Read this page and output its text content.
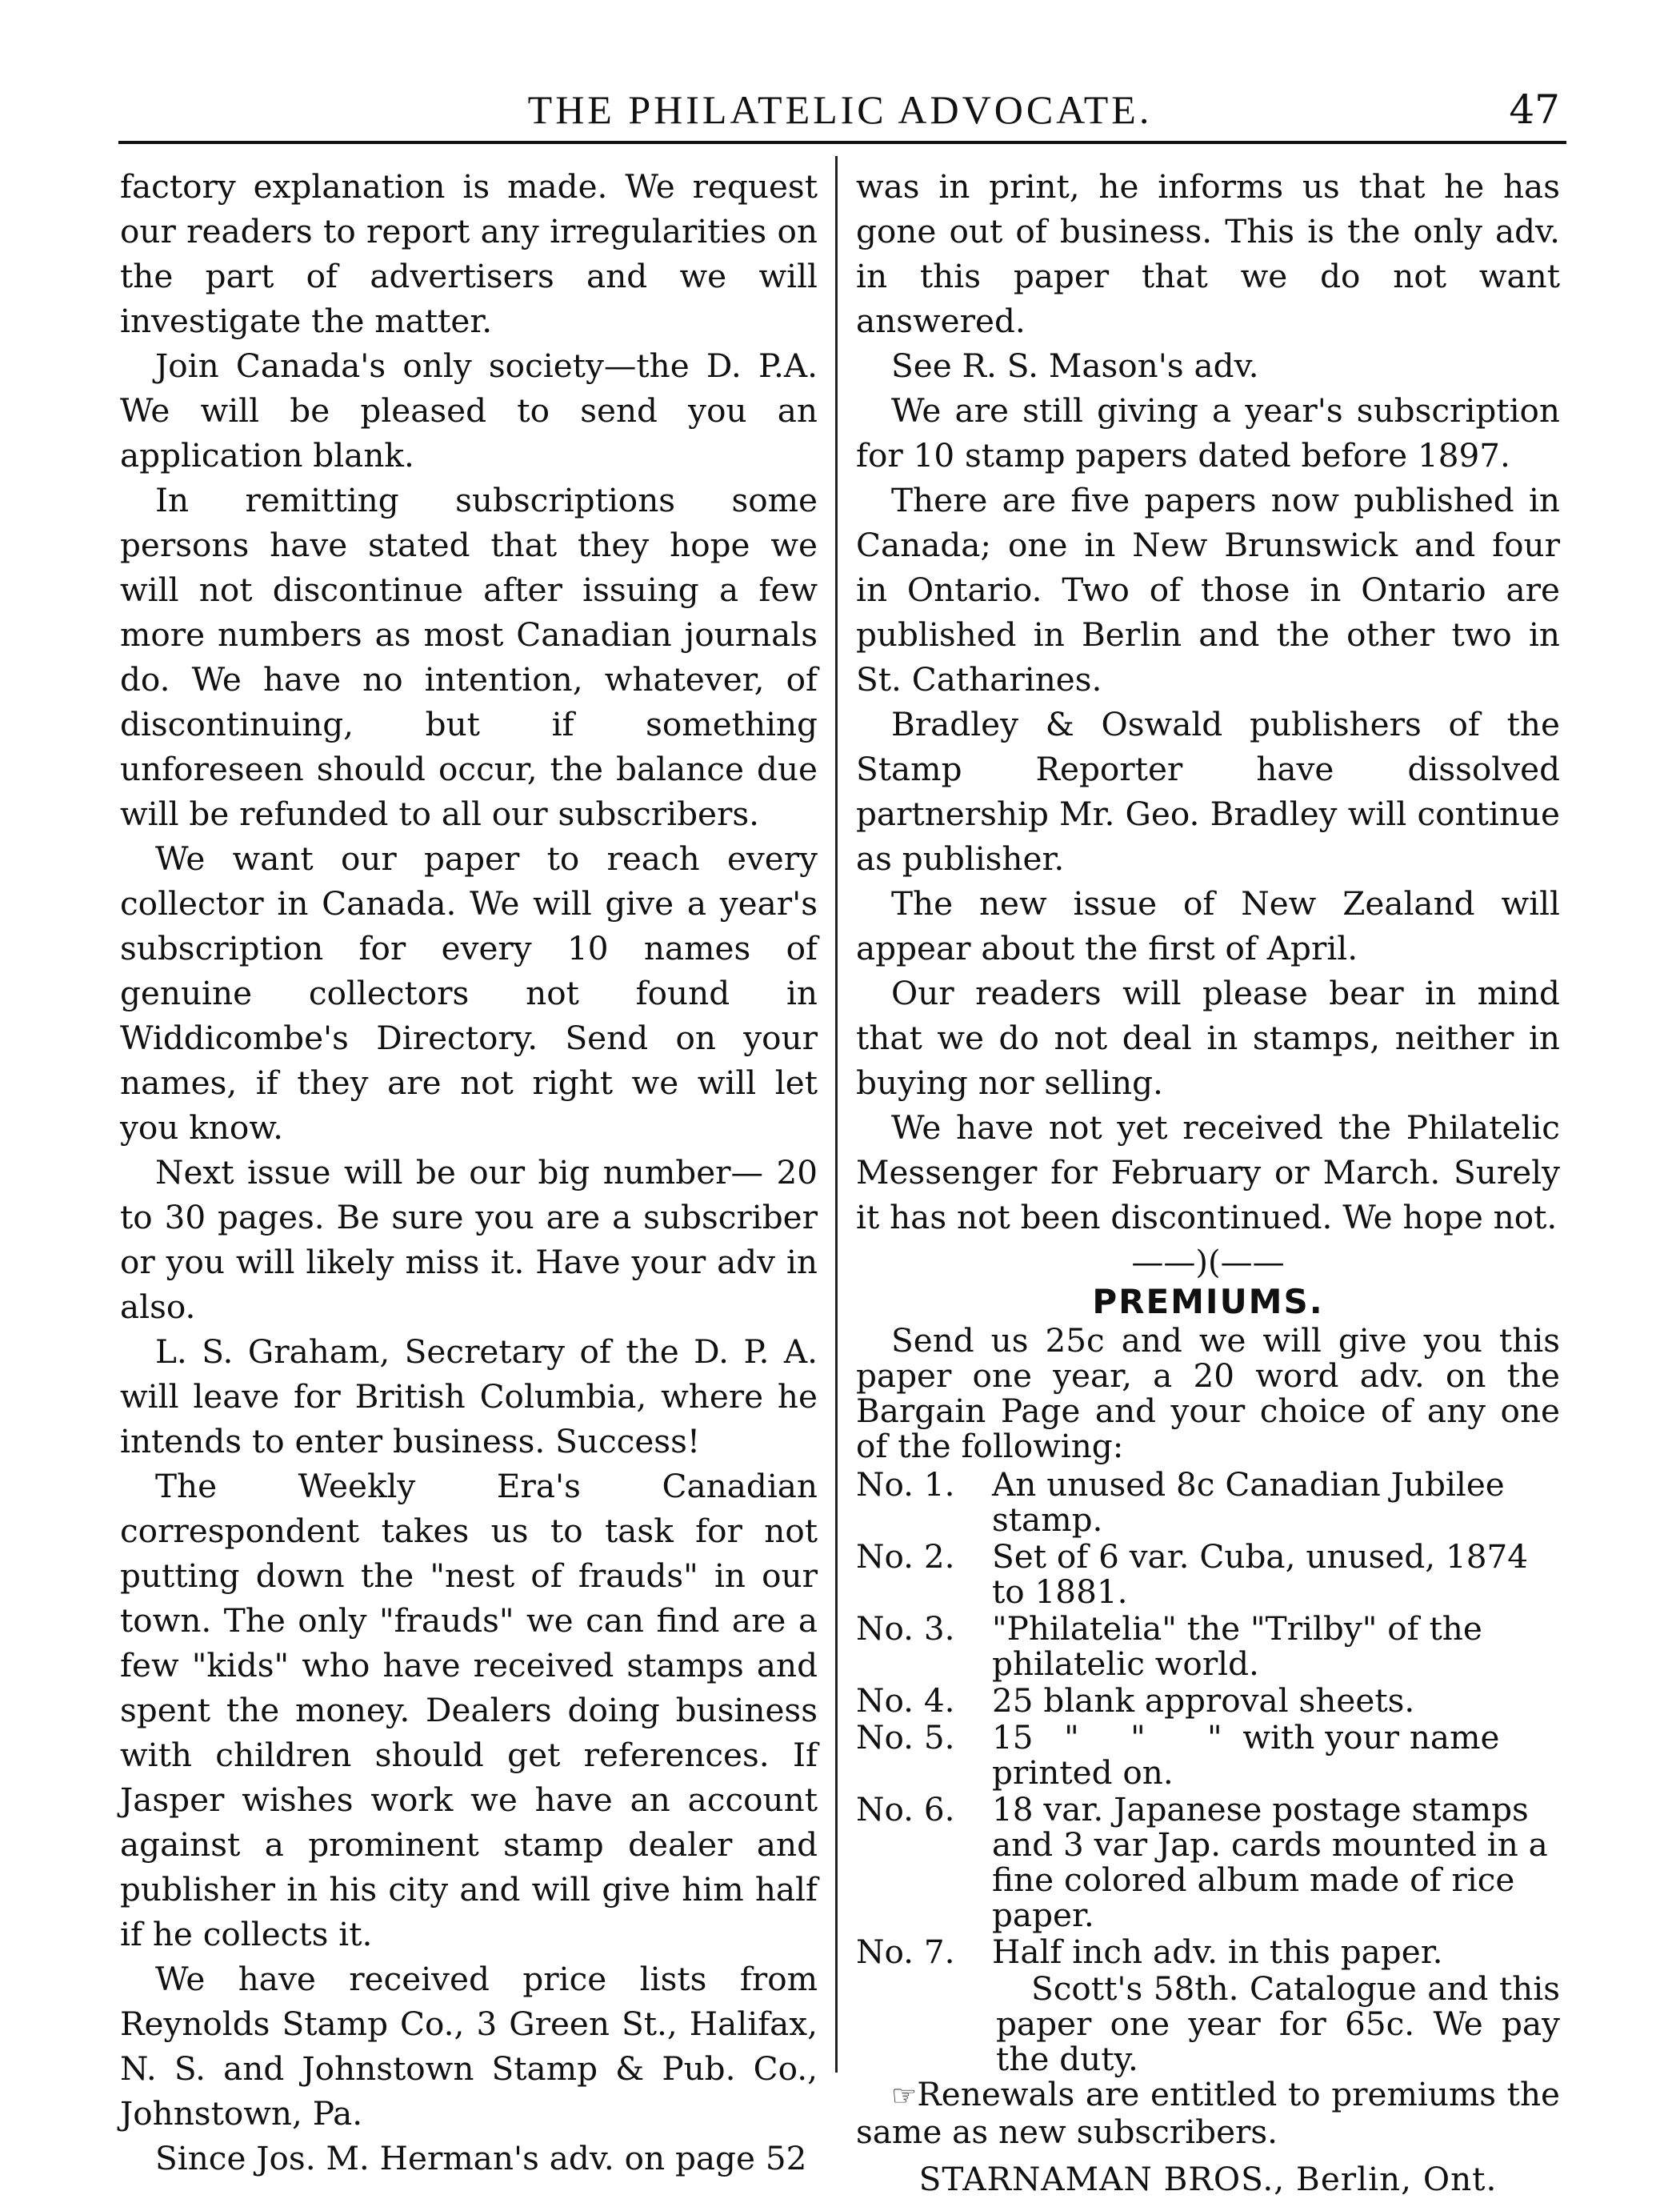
THE PHILATELIC ADVOCATE.	47

factory explanation is made. We request our readers to report any irregularities on the part of advertisers and we will investigate the matter.

Join Canada's only society—the D. P.A. We will be pleased to send you an application blank.

In remitting subscriptions some persons have stated that they hope we will not discontinue after issuing a few more numbers as most Canadian journals do. We have no intention, whatever, of discontinuing, but if something unforeseen should occur, the balance due will be refunded to all our subscribers.

We want our paper to reach every collector in Canada. We will give a year's subscription for every 10 names of genuine collectors not found in Widdicombe's Directory. Send on your names, if they are not right we will let you know.

Next issue will be our big number— 20 to 30 pages. Be sure you are a subscriber or you will likely miss it. Have your adv in also.

L. S. Graham, Secretary of the D. P. A. will leave for British Columbia, where he intends to enter business. Success!

The Weekly Era's Canadian correspondent takes us to task for not putting down the "nest of frauds" in our town. The only "frauds" we can find are a few "kids" who have received stamps and spent the money. Dealers doing business with children should get references. If Jasper wishes work we have an account against a prominent stamp dealer and publisher in his city and will give him half if he collects it.

We have received price lists from Reynolds Stamp Co., 3 Green St., Halifax, N. S. and Johnstown Stamp & Pub. Co., Johnstown, Pa.

Since Jos. M. Herman's adv. on page 52

was in print, he informs us that he has gone out of business. This is the only adv. in this paper that we do not want answered.

See R. S. Mason's adv.

We are still giving a year's subscription for 10 stamp papers dated before 1897.

There are five papers now published in Canada; one in New Brunswick and four in Ontario. Two of those in Ontario are published in Berlin and the other two in St. Catharines.

Bradley & Oswald publishers of the Stamp Reporter have dissolved partnership Mr. Geo. Bradley will continue as publisher.

The new issue of New Zealand will appear about the first of April.

Our readers will please bear in mind that we do not deal in stamps, neither in buying nor selling.

We have not yet received the Philatelic Messenger for February or March. Surely it has not been discontinued. We hope not.

——)(——
PREMIUMS.

Send us 25c and we will give you this paper one year, a 20 word adv. on the Bargain Page and your choice of any one of the following:

No. 1.	An unused 8c Canadian Jubilee stamp.
No. 2.	Set of 6 var. Cuba, unused, 1874 to 1881.
No. 3.	"Philatelia" the "Trilby" of the philatelic world.
No. 4.	25 blank approval sheets.
No. 5.	15   "     "      "  with your name printed on.
No. 6.	18 var. Japanese postage stamps and 3 var Jap. cards mounted in a fine colored album made of rice paper.
No. 7.	Half inch adv. in this paper.

Scott's 58th. Catalogue and this paper one year for 65c. We pay the duty.

☞Renewals are entitled to premiums the same as new subscribers.

STARNAMAN BROS., Berlin, Ont.
